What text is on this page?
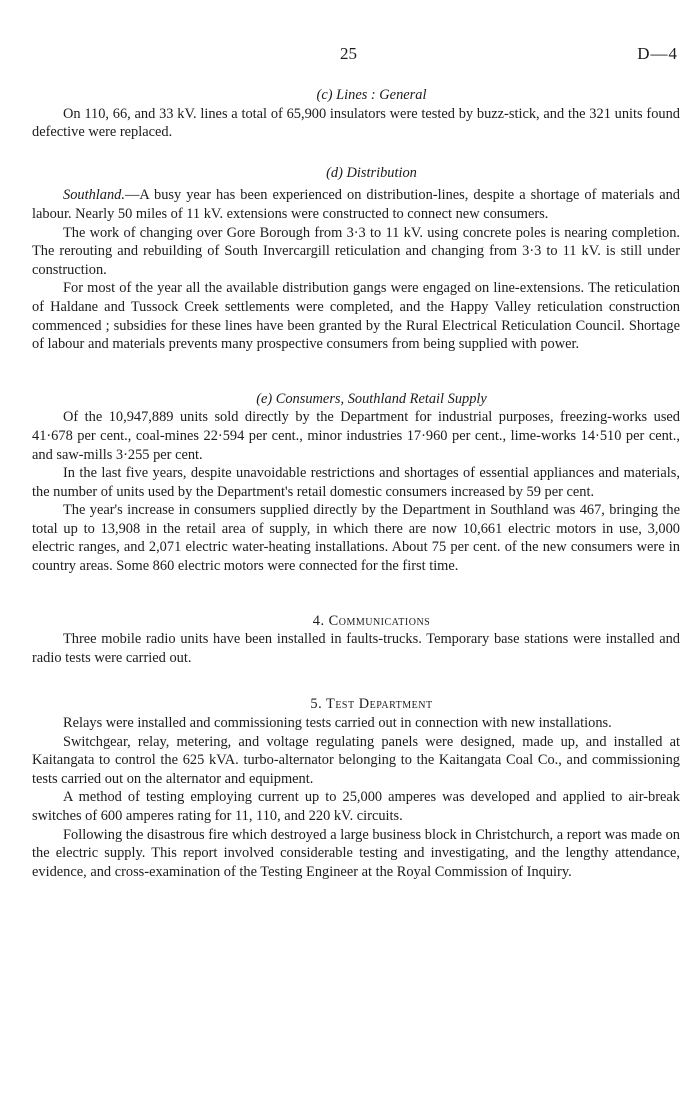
25	D—4

(c) Lines : General

On 110, 66, and 33 kV. lines a total of 65,900 insulators were tested by buzz-stick, and the 321 units found defective were replaced.

(d) Distribution

Southland.—A busy year has been experienced on distribution-lines, despite a shortage of materials and labour. Nearly 50 miles of 11 kV. extensions were constructed to connect new consumers.

The work of changing over Gore Borough from 3·3 to 11 kV. using concrete poles is nearing completion. The rerouting and rebuilding of South Invercargill reticulation and changing from 3·3 to 11 kV. is still under construction.

For most of the year all the available distribution gangs were engaged on line-extensions. The reticulation of Haldane and Tussock Creek settlements were completed, and the Happy Valley reticulation construction commenced ; subsidies for these lines have been granted by the Rural Electrical Reticulation Council. Shortage of labour and materials prevents many prospective consumers from being supplied with power.

(e) Consumers, Southland Retail Supply

Of the 10,947,889 units sold directly by the Department for industrial purposes, freezing-works used 41·678 per cent., coal-mines 22·594 per cent., minor industries 17·960 per cent., lime-works 14·510 per cent., and saw-mills 3·255 per cent.

In the last five years, despite unavoidable restrictions and shortages of essential appliances and materials, the number of units used by the Department's retail domestic consumers increased by 59 per cent.

The year's increase in consumers supplied directly by the Department in Southland was 467, bringing the total up to 13,908 in the retail area of supply, in which there are now 10,661 electric motors in use, 3,000 electric ranges, and 2,071 electric water-heating installations. About 75 per cent. of the new consumers were in country areas. Some 860 electric motors were connected for the first time.

4. Communications

Three mobile radio units have been installed in faults-trucks. Temporary base stations were installed and radio tests were carried out.

5. Test Department

Relays were installed and commissioning tests carried out in connection with new installations.

Switchgear, relay, metering, and voltage regulating panels were designed, made up, and installed at Kaitangata to control the 625 kVA. turbo-alternator belonging to the Kaitangata Coal Co., and commissioning tests carried out on the alternator and equipment.

A method of testing employing current up to 25,000 amperes was developed and applied to air-break switches of 600 amperes rating for 11, 110, and 220 kV. circuits.

Following the disastrous fire which destroyed a large business block in Christchurch, a report was made on the electric supply. This report involved considerable testing and investigating, and the lengthy attendance, evidence, and cross-examination of the Testing Engineer at the Royal Commission of Inquiry.
